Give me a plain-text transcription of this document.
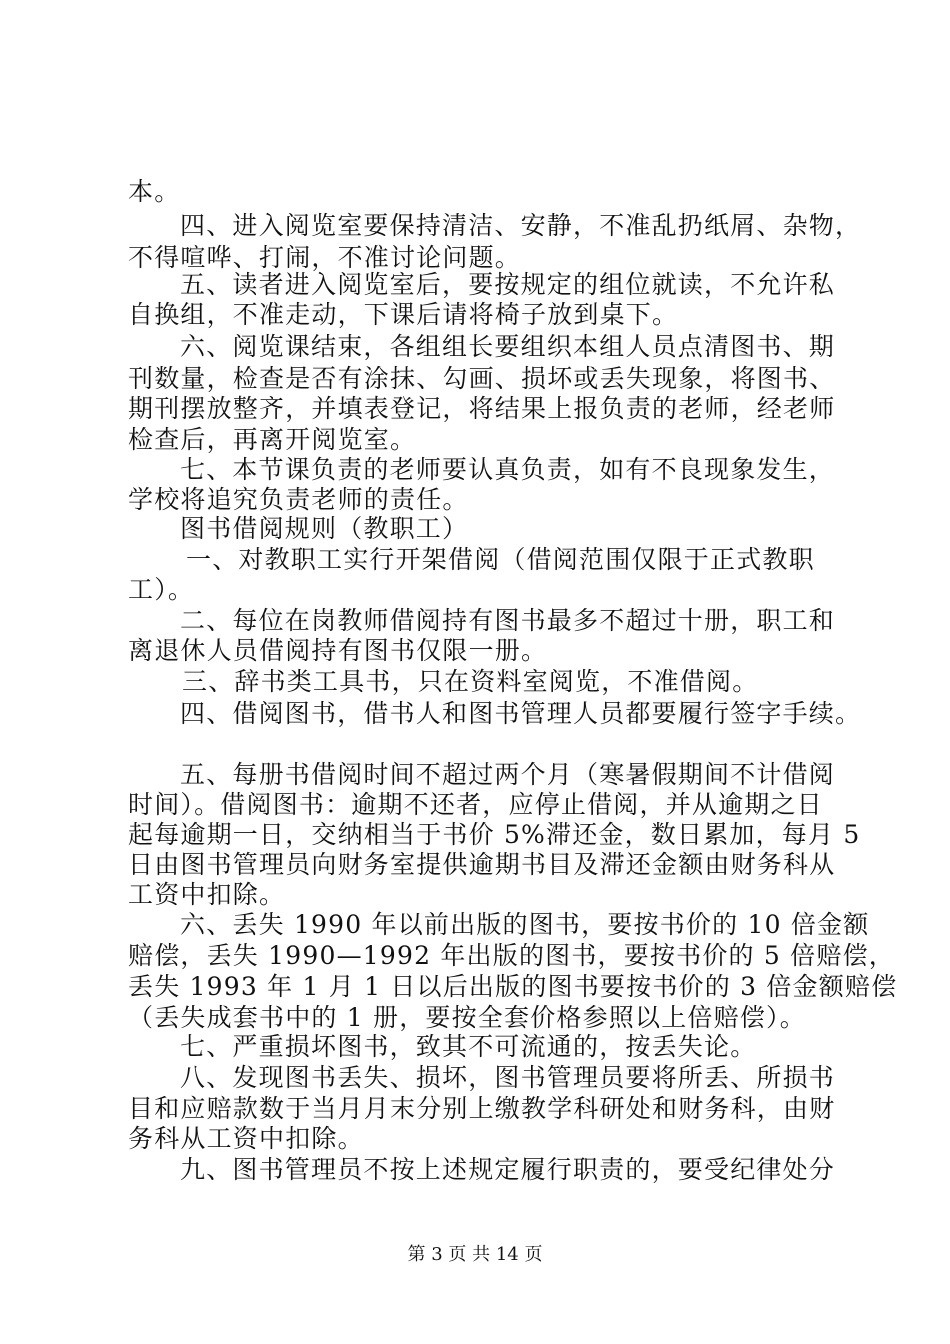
本。
四、进入阅览室要保持清洁、安静，不准乱扔纸屑、杂物，
不得喧哗、打闹，不准讨论问题。
五、读者进入阅览室后，要按规定的组位就读，不允许私
自换组，不准走动，下课后请将椅子放到桌下。
六、阅览课结束，各组组长要组织本组人员点清图书、期
刊数量，检查是否有涂抹、勾画、损坏或丢失现象，将图书、
期刊摆放整齐，并填表登记，将结果上报负责的老师，经老师
检查后，再离开阅览室。
七、本节课负责的老师要认真负责，如有不良现象发生，
学校将追究负责老师的责任。
图书借阅规则（教职工）
一、对教职工实行开架借阅（借阅范围仅限于正式教职
工）。
二、每位在岗教师借阅持有图书最多不超过十册，职工和
离退休人员借阅持有图书仅限一册。
三、辞书类工具书，只在资料室阅览，不准借阅。
四、借阅图书，借书人和图书管理人员都要履行签字手续。
五、每册书借阅时间不超过两个月（寒暑假期间不计借阅
时间）。借阅图书：逾期不还者，应停止借阅，并从逾期之日
起每逾期一日，交纳相当于书价 5%滞还金，数日累加，每月 5
日由图书管理员向财务室提供逾期书目及滞还金额由财务科从
工资中扣除。
六、丢失 1990 年以前出版的图书，要按书价的 10 倍金额
赔偿，丢失 1990—1992 年出版的图书，要按书价的 5 倍赔偿，
丢失 1993 年 1 月 1 日以后出版的图书要按书价的 3 倍金额赔偿
（丢失成套书中的 1 册，要按全套价格参照以上倍赔偿）。
七、严重损坏图书，致其不可流通的，按丢失论。
八、发现图书丢失、损坏，图书管理员要将所丢、所损书
目和应赔款数于当月月末分别上缴教学科研处和财务科，由财
务科从工资中扣除。
九、图书管理员不按上述规定履行职责的，要受纪律处分
第 3 页 共 14 页
